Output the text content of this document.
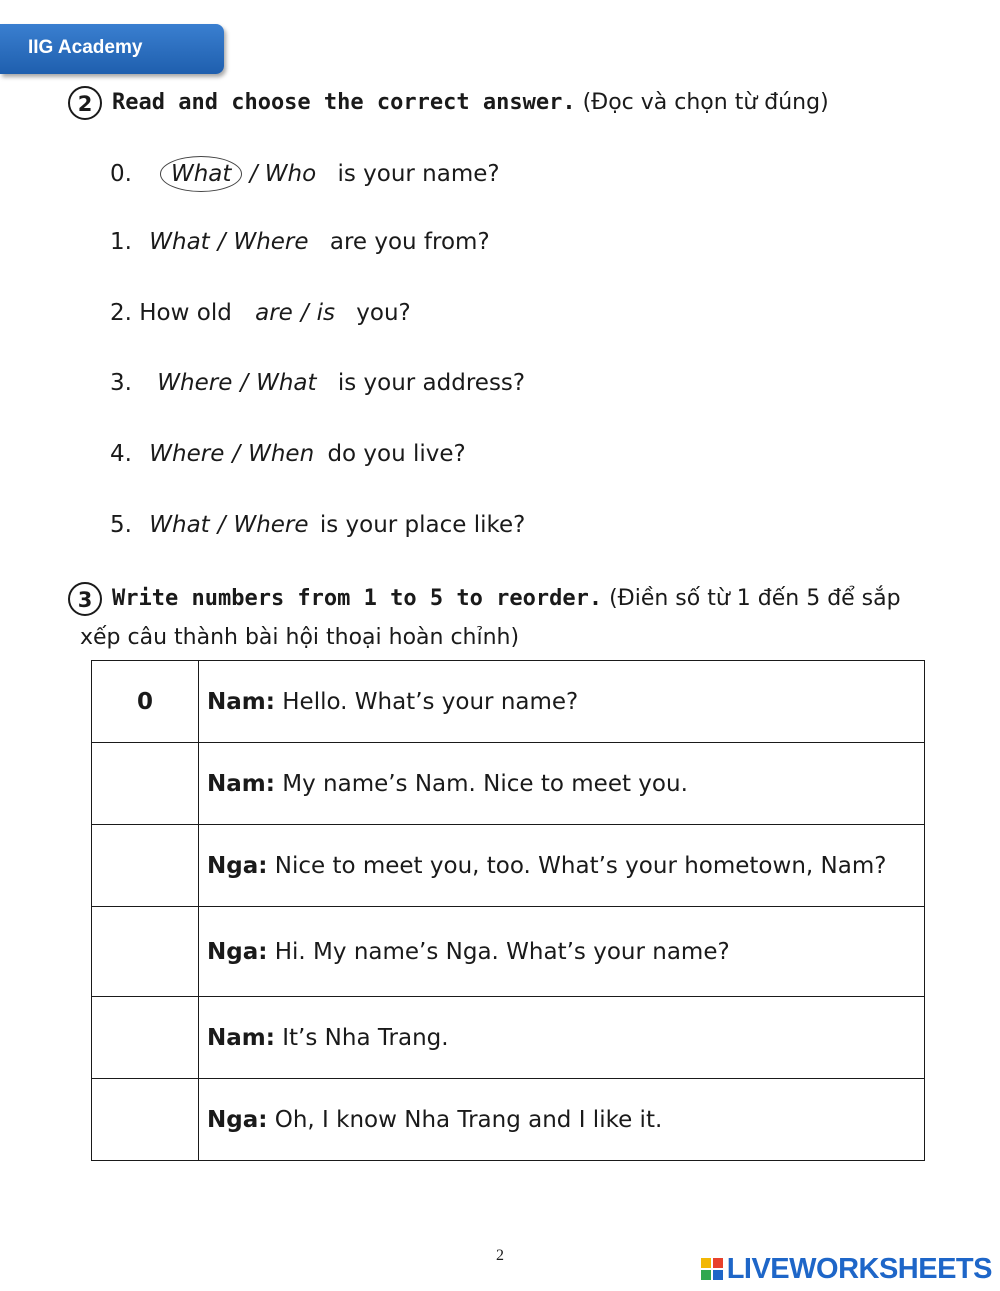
IIG Academy
2 Read and choose the correct answer. (Đọc và chọn từ đúng)
0. What / Who is your name?
1. What / Where are you from?
2. How old are / is you?
3. Where / What is your address?
4. Where / When do you live?
5. What / Where is your place like?
3 Write numbers from 1 to 5 to reorder. (Điền số từ 1 đến 5 để sắp
xếp câu thành bài hội thoại hoàn chỉnh)
0	Nam: Hello. What’s your name?
	Nam: My name’s Nam. Nice to meet you.
	Nga: Nice to meet you, too. What’s your hometown, Nam?
	Nga: Hi. My name’s Nga. What’s your name?
	Nam: It’s Nha Trang.
	Nga: Oh, I know Nha Trang and I like it.
2	LIVEWORKSHEETS
